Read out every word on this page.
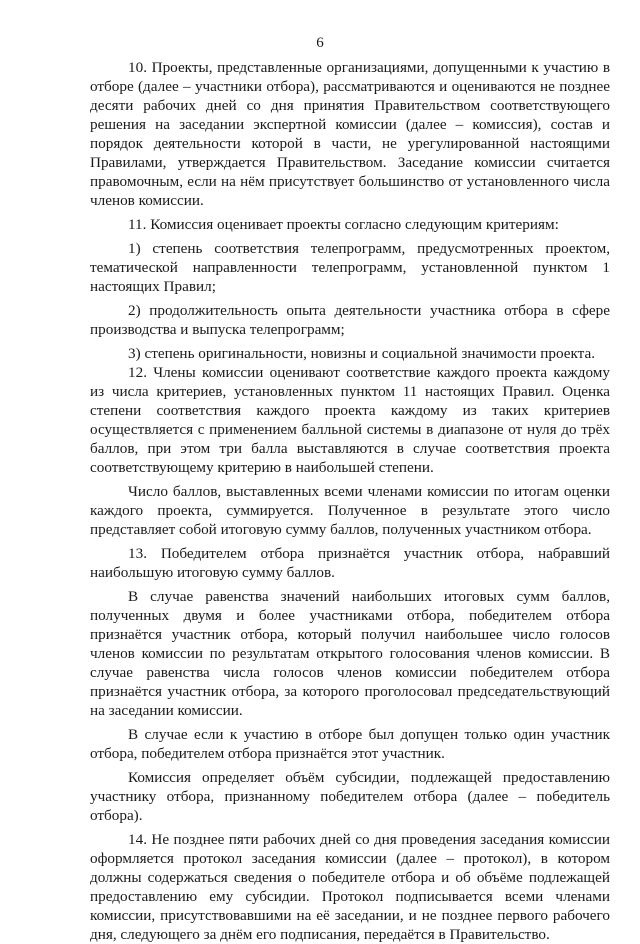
6

10. Проекты, представленные организациями, допущенными к участию в отборе (далее – участники отбора), рассматриваются и оцениваются не позднее десяти рабочих дней со дня принятия Правительством соответствующего решения на заседании экспертной комиссии (далее – комиссия), состав и порядок деятельности которой в части, не урегулированной настоящими Правилами, утверждается Правительством. Заседание комиссии считается правомочным, если на нём присутствует большинство от установленного числа членов комиссии.

11. Комиссия оценивает проекты согласно следующим критериям:

1) степень соответствия телепрограмм, предусмотренных проектом, тематической направленности телепрограмм, установленной пунктом 1 настоящих Правил;

2) продолжительность опыта деятельности участника отбора в сфере производства и выпуска телепрограмм;

3) степень оригинальности, новизны и социальной значимости проекта.

12. Члены комиссии оценивают соответствие каждого проекта каждому из числа критериев, установленных пунктом 11 настоящих Правил. Оценка степени соответствия каждого проекта каждому из таких критериев осуществляется с применением балльной системы в диапазоне от нуля до трёх баллов, при этом три балла выставляются в случае соответствия проекта соответствующему критерию в наибольшей степени.

Число баллов, выставленных всеми членами комиссии по итогам оценки каждого проекта, суммируется. Полученное в результате этого число представляет собой итоговую сумму баллов, полученных участником отбора.

13. Победителем отбора признаётся участник отбора, набравший наибольшую итоговую сумму баллов.

В случае равенства значений наибольших итоговых сумм баллов, полученных двумя и более участниками отбора, победителем отбора признаётся участник отбора, который получил наибольшее число голосов членов комиссии по результатам открытого голосования членов комиссии. В случае равенства числа голосов членов комиссии победителем отбора признаётся участник отбора, за которого проголосовал председательствующий на заседании комиссии.

В случае если к участию в отборе был допущен только один участник отбора, победителем отбора признаётся этот участник.

Комиссия определяет объём субсидии, подлежащей предоставлению участнику отбора, признанному победителем отбора (далее – победитель отбора).

14. Не позднее пяти рабочих дней со дня проведения заседания комиссии оформляется протокол заседания комиссии (далее – протокол), в котором должны содержаться сведения о победителе отбора и об объёме подлежащей предоставлению ему субсидии. Протокол подписывается всеми членами комиссии, присутствовавшими на её заседании, и не позднее первого рабочего дня, следующего за днём его подписания, передаётся в Правительство.
